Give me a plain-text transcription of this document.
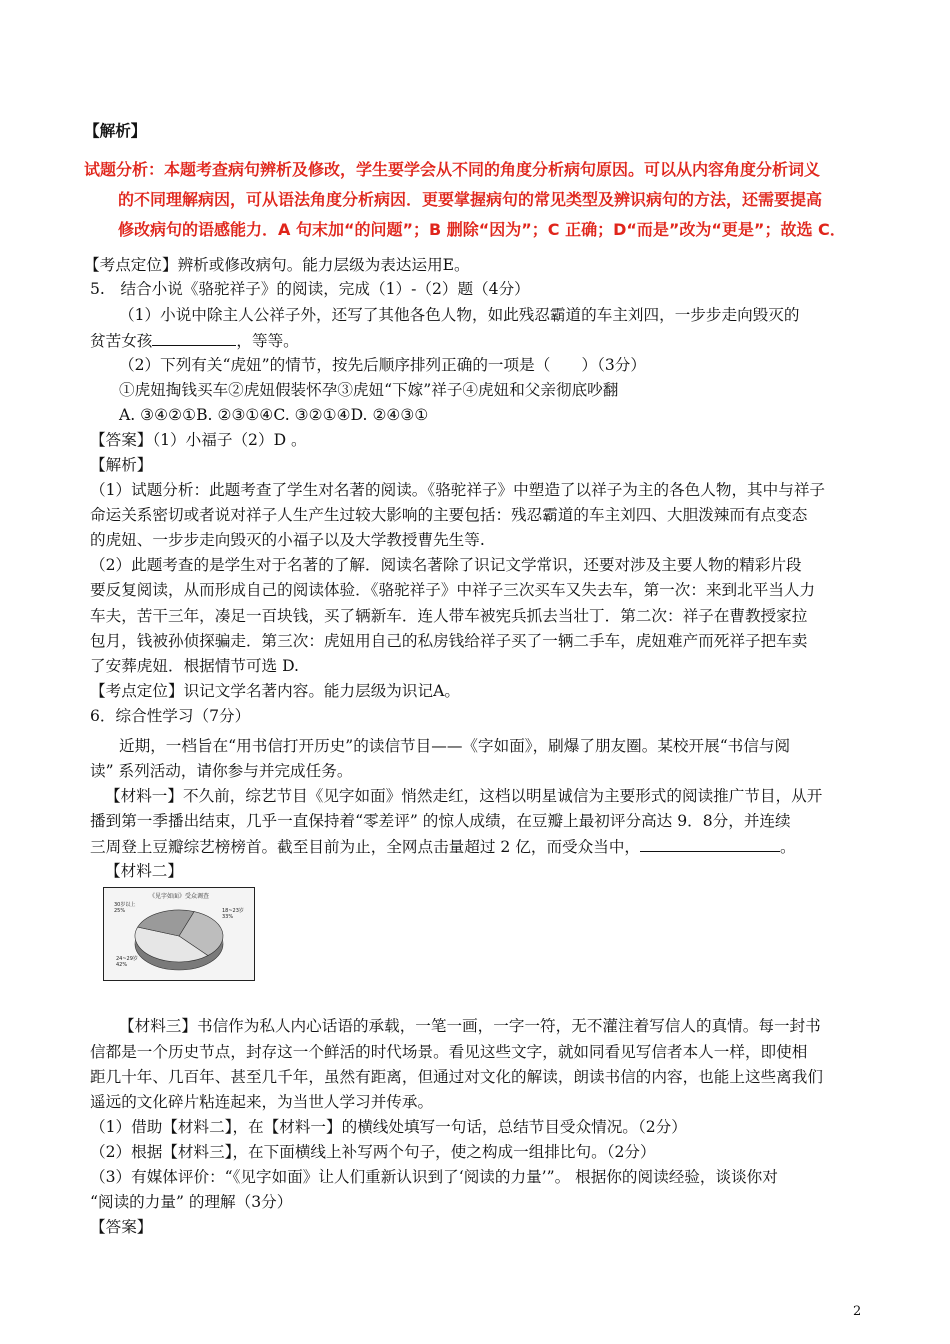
【解析】
试题分析：本题考查病句辨析及修改，学生要学会从不同的角度分析病句原因。可以从内容角度分析词义
的不同理解病因，可从语法角度分析病因．更要掌握病句的常见类型及辨识病句的方法，还需要提高
修改病句的语感能力．A 句末加“的问题”；B 删除“因为”；C 正确；D“而是”改为“更是”；故选 C．
【考点定位】辨析或修改病句。能力层级为表达运用E。
5.　结合小说《骆驼祥子》的阅读，完成（1）-（2）题（4分）
（1）小说中除主人公祥子外，还写了其他各色人物，如此残忍霸道的车主刘四，一步步走向毁灭的
贫苦女孩	，等等。
（2）下列有关“虎妞”的情节，按先后顺序排列正确的一项是（　　）（3分）
①虎妞掏钱买车②虎妞假装怀孕③虎妞“下嫁”祥子④虎妞和父亲彻底吵翻
A. ③④②①B. ②③①④C. ③②①④D. ②④③①
【答案】（1）小福子（2）D 。
【解析】
（1）试题分析：此题考查了学生对名著的阅读。《骆驼祥子》中塑造了以祥子为主的各色人物，其中与祥子
命运关系密切或者说对祥子人生产生过较大影响的主要包括：残忍霸道的车主刘四、大胆泼辣而有点变态
的虎妞、一步步走向毁灭的小福子以及大学教授曹先生等.
（2）此题考查的是学生对于名著的了解．阅读名著除了识记文学常识，还要对涉及主要人物的精彩片段
要反复阅读，从而形成自己的阅读体验．《骆驼祥子》中祥子三次买车又失去车，第一次：来到北平当人力
车夫，苦干三年，凑足一百块钱，买了辆新车．连人带车被宪兵抓去当壮丁．第二次：祥子在曹教授家拉
包月，钱被孙侦探骗走．第三次：虎妞用自己的私房钱给祥子买了一辆二手车，虎妞难产而死祥子把车卖
了安葬虎妞．根据情节可选 D.
【考点定位】识记文学名著内容。能力层级为识记A。
6．综合性学习（7分）
近期，一档旨在“用书信打开历史”的读信节目——《字如面》，刷爆了朋友圈。某校开展“书信与阅
读” 系列活动，请你参与并完成任务。
【材料一】不久前，综艺节目《见字如面》悄然走红，这档以明星诚信为主要形式的阅读推广节目，从开
播到第一季播出结束，几乎一直保持着“零差评” 的惊人成绩，在豆瓣上最初评分高达 9．8分，并连续
三周登上豆瓣综艺榜榜首。截至目前为止，全网点击量超过 2 亿，而受众当中，	。
【材料二】
《见字如面》受众调查
30岁以上
25%	18~23岁
33%
24~29岁
42%
【材料三】书信作为私人内心话语的承载，一笔一画，一字一符，无不灌注着写信人的真情。每一封书
信都是一个历史节点，封存这一个鲜活的时代场景。看见这些文字，就如同看见写信者本人一样，即使相
距几十年、几百年、甚至几千年，虽然有距离，但通过对文化的解读，朗读书信的内容，也能上这些离我们
遥远的文化碎片粘连起来，为当世人学习并传承。
（1）借助【材料二】，在【材料一】的横线处填写一句话，总结节目受众情况。（2分）
（2）根据【材料三】，在下面横线上补写两个句子，使之构成一组排比句。（2分）
（3）有媒体评价：“《见字如面》让人们重新认识到了‘阅读的力量’”。 根据你的阅读经验，谈谈你对
“阅读的力量” 的理解（3分）
【答案】
2
